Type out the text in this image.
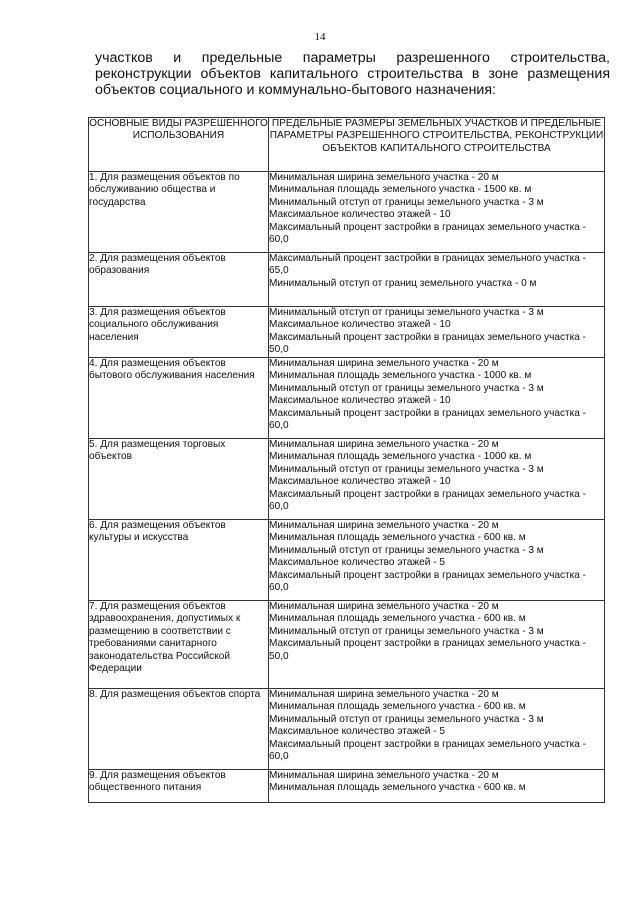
14
участков и предельные параметры разрешенного строительства,
реконструкции объектов капитального строительства в зоне размещения
объектов социального и коммунально-бытового назначения:
ОСНОВНЫЕ ВИДЫ РАЗРЕШЕННОГО ИСПОЛЬЗОВАНИЯ	ПРЕДЕЛЬНЫЕ РАЗМЕРЫ ЗЕМЕЛЬНЫХ УЧАСТКОВ И ПРЕДЕЛЬНЫЕ ПАРАМЕТРЫ РАЗРЕШЕННОГО СТРОИТЕЛЬСТВА, РЕКОНСТРУКЦИИ ОБЪЕКТОВ КАПИТАЛЬНОГО СТРОИТЕЛЬСТВА
1. Для размещения объектов по обслуживанию общества и государства	Минимальная ширина земельного участка - 20 м
Минимальная площадь земельного участка - 1500 кв. м
Минимальный отступ от границы земельного участка - 3 м
Максимальное количество этажей - 10
Максимальный процент застройки в границах земельного участка - 60,0

2. Для размещения объектов образования	Максимальный процент застройки в границах земельного участка - 65,0
Минимальный отступ от границ земельного участка - 0 м

3. Для размещения объектов социального обслуживания населения	Минимальный отступ от границы земельного участка - 3 м
Максимальное количество этажей - 10
Максимальный процент застройки в границах земельного участка - 50,0

4. Для размещения объектов бытового обслуживания населения	Минимальная ширина земельного участка - 20 м
Минимальная площадь земельного участка - 1000 кв. м
Минимальный отступ от границы земельного участка - 3 м
Максимальное количество этажей - 10
Максимальный процент застройки в границах земельного участка - 60,0

5. Для размещения торговых объектов	Минимальная ширина земельного участка - 20 м
Минимальная площадь земельного участка - 1000 кв. м
Минимальный отступ от границы земельного участка - 3 м
Максимальное количество этажей - 10
Максимальный процент застройки в границах земельного участка - 60,0

6. Для размещения объектов культуры и искусства	Минимальная ширина земельного участка - 20 м
Минимальная площадь земельного участка - 600 кв. м
Минимальный отступ от границы земельного участка - 3 м
Максимальное количество этажей - 5
Максимальный процент застройки в границах земельного участка - 60,0

7. Для размещения объектов здравоохранения, допустимых к размещению в соответствии с требованиями санитарного законодательства Российской Федерации	Минимальная ширина земельного участка - 20 м
Минимальная площадь земельного участка - 600 кв. м
Минимальный отступ от границы земельного участка - 3 м
Максимальный процент застройки в границах земельного участка - 50,0

8. Для размещения объектов спорта	Минимальная ширина земельного участка - 20 м
Минимальная площадь земельного участка - 600 кв. м
Минимальный отступ от границы земельного участка - 3 м
Максимальное количество этажей - 5
Максимальный процент застройки в границах земельного участка - 60,0

9. Для размещения объектов общественного питания	Минимальная ширина земельного участка - 20 м
Минимальная площадь земельного участка - 600 кв. м
